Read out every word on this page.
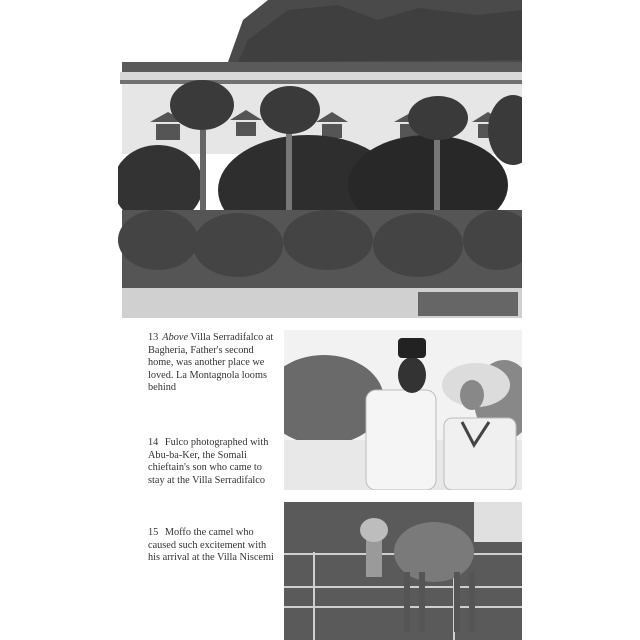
13 Above Villa Serradifalco at Bagheria, Father's second home, was another place we loved. La Montagnola looms behind
14 Fulco photographed with Abu-ba-Ker, the Somali chieftain's son who came to stay at the Villa Serradifalco
15 Moffo the camel who caused such excitement with his arrival at the Villa Niscemi
